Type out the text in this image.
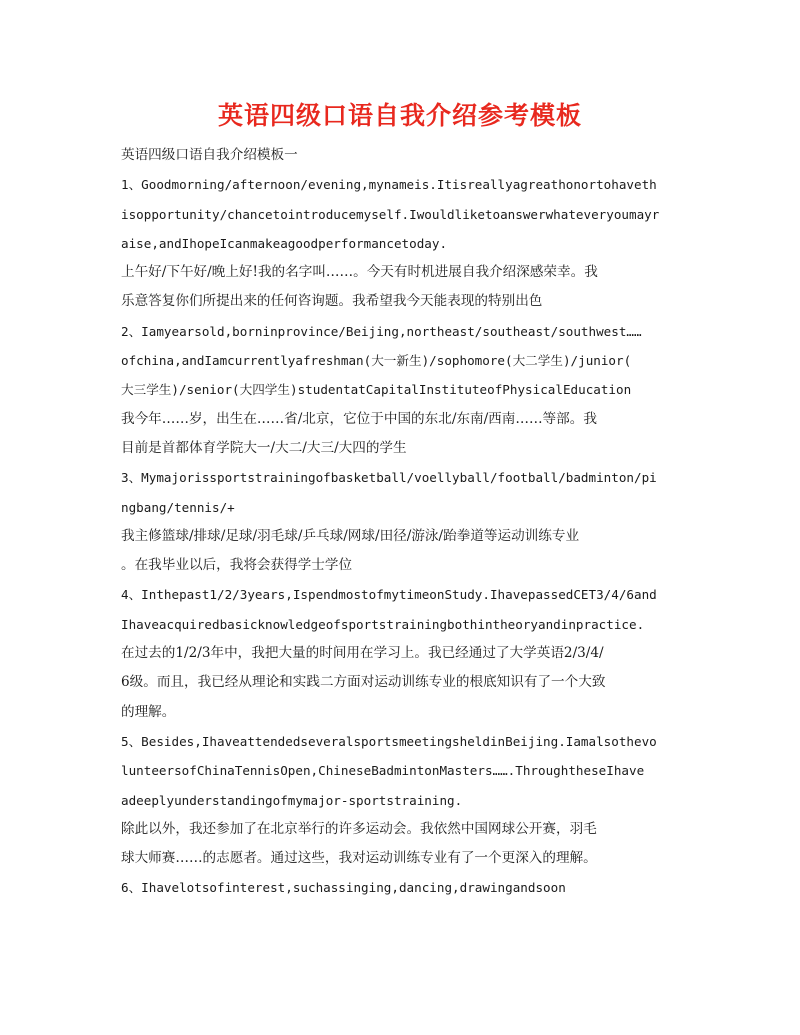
英语四级口语自我介绍参考模板
英语四级口语自我介绍模板一
1、Goodmorning/afternoon/evening,mynameis.Itisreallyagreathonortohaveth
isopportunity/chancetointroducemyself.Iwouldliketoanswerwhateveryoumayr
aise,andIhopeIcanmakeagoodperformancetoday.
上午好/下午好/晚上好!我的名字叫……。今天有时机进展自我介绍深感荣幸。我
乐意答复你们所提出来的任何咨询题。我希望我今天能表现的特别出色
2、Iamyearsold,borninprovince/Beijing,northeast/southeast/southwest……
ofchina,andIamcurrentlyafreshman(大一新生)/sophomore(大二学生)/junior(
大三学生)/senior(大四学生)studentatCapitalInstituteofPhysicalEducation
我今年……岁，出生在……省/北京，它位于中国的东北/东南/西南……等部。我
目前是首都体育学院大一/大二/大三/大四的学生
3、Mymajorissportstrainingofbasketball/voellyball/football/badminton/pi
ngbang/tennis/+
我主修篮球/排球/足球/羽毛球/乒乓球/网球/田径/游泳/跆拳道等运动训练专业
。在我毕业以后，我将会获得学士学位
4、Inthepast1/2/3years,IspendmostofmytimeonStudy.IhavepassedCET3/4/6and
Ihaveacquiredbasicknowledgeofsportstrainingbothintheoryandinpractice.
在过去的1/2/3年中，我把大量的时间用在学习上。我已经通过了大学英语2/3/4/
6级。而且，我已经从理论和实践二方面对运动训练专业的根底知识有了一个大致
的理解。
5、Besides,IhaveattendedseveralsportsmeetingsheldinBeijing.Iamalsothevo
lunteersofChinaTennisOpen,ChineseBadmintonMasters…….ThroughtheseIhave
adeeplyunderstandingofmymajor-sportstraining.
除此以外，我还参加了在北京举行的许多运动会。我依然中国网球公开赛，羽毛
球大师赛……的志愿者。通过这些，我对运动训练专业有了一个更深入的理解。
6、Ihavelotsofinterest,suchassinging,dancing,drawingandsoon
